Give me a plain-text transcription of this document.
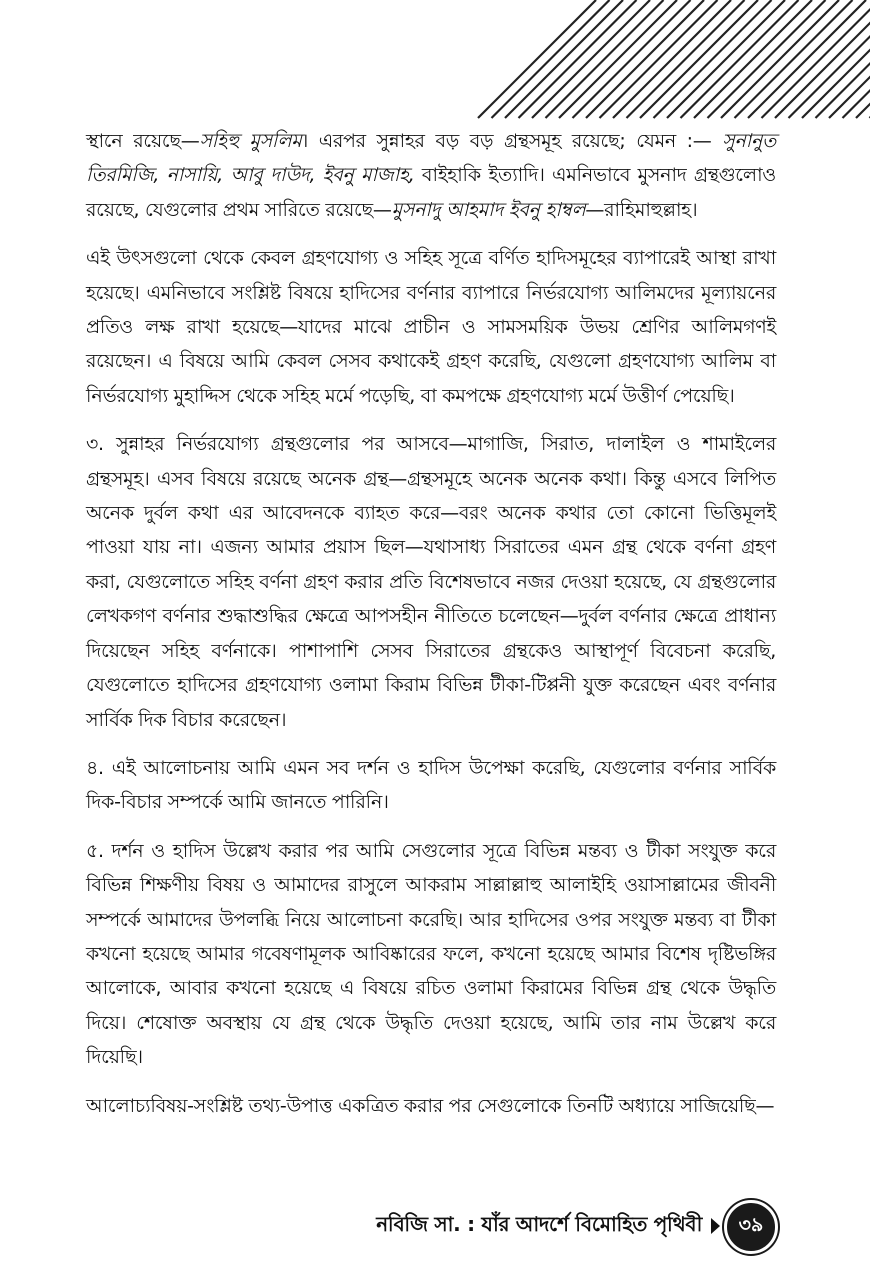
স্থানে রয়েছে—সহিহু মুসলিম। এরপর সুন্নাহর বড় বড় গ্রন্থসমূহ রয়েছে; যেমন :— সুনানুত তিরমিজি, নাসায়ি, আবু দাউদ, ইবনু মাজাহ, বাইহাকি ইত্যাদি। এমনিভাবে মুসনাদ গ্রন্থগুলোও রয়েছে, যেগুলোর প্রথম সারিতে রয়েছে—মুসনাদু আহমাদ ইবনু হাম্বল—রাহিমাহুল্লাহ।

এই উৎসগুলো থেকে কেবল গ্রহণযোগ্য ও সহিহ সূত্রে বর্ণিত হাদিসমূহের ব্যাপারেই আস্থা রাখা হয়েছে। এমনিভাবে সংশ্লিষ্ট বিষয়ে হাদিসের বর্ণনার ব্যাপারে নির্ভরযোগ্য আলিমদের মূল্যায়নের প্রতিও লক্ষ রাখা হয়েছে—যাদের মাঝে প্রাচীন ও সামসময়িক উভয় শ্রেণির আলিমগণই রয়েছেন। এ বিষয়ে আমি কেবল সেসব কথাকেই গ্রহণ করেছি, যেগুলো গ্রহণযোগ্য আলিম বা নির্ভরযোগ্য মুহাদ্দিস থেকে সহিহ মর্মে পড়েছি, বা কমপক্ষে গ্রহণযোগ্য মর্মে উত্তীর্ণ পেয়েছি।

৩. সুন্নাহর নির্ভরযোগ্য গ্রন্থগুলোর পর আসবে—মাগাজি, সিরাত, দালাইল ও শামাইলের গ্রন্থসমূহ। এসব বিষয়ে রয়েছে অনেক গ্রন্থ—গ্রন্থসমূহে অনেক অনেক কথা। কিন্তু এসবে লিপিত অনেক দুর্বল কথা এর আবেদনকে ব্যাহত করে—বরং অনেক কথার তো কোনো ভিত্তিমূলই পাওয়া যায় না। এজন্য আমার প্রয়াস ছিল—যথাসাধ্য সিরাতের এমন গ্রন্থ থেকে বর্ণনা গ্রহণ করা, যেগুলোতে সহিহ বর্ণনা গ্রহণ করার প্রতি বিশেষভাবে নজর দেওয়া হয়েছে, যে গ্রন্থগুলোর লেখকগণ বর্ণনার শুদ্ধাশুদ্ধির ক্ষেত্রে আপসহীন নীতিতে চলেছেন—দুর্বল বর্ণনার ক্ষেত্রে প্রাধান্য দিয়েছেন সহিহ বর্ণনাকে। পাশাপাশি সেসব সিরাতের গ্রন্থকেও আস্থাপূর্ণ বিবেচনা করেছি, যেগুলোতে হাদিসের গ্রহণযোগ্য ওলামা কিরাম বিভিন্ন টীকা-টিপ্পনী যুক্ত করেছেন এবং বর্ণনার সার্বিক দিক বিচার করেছেন।

৪. এই আলোচনায় আমি এমন সব দর্শন ও হাদিস উপেক্ষা করেছি, যেগুলোর বর্ণনার সার্বিক দিক-বিচার সম্পর্কে আমি জানতে পারিনি।

৫. দর্শন ও হাদিস উল্লেখ করার পর আমি সেগুলোর সূত্রে বিভিন্ন মন্তব্য ও টীকা সংযুক্ত করে বিভিন্ন শিক্ষণীয় বিষয় ও আমাদের রাসুলে আকরাম সাল্লাল্লাহু আলাইহি ওয়াসাল্লামের জীবনী সম্পর্কে আমাদের উপলব্ধি নিয়ে আলোচনা করেছি। আর হাদিসের ওপর সংযুক্ত মন্তব্য বা টীকা কখনো হয়েছে আমার গবেষণামূলক আবিষ্কারের ফলে, কখনো হয়েছে আমার বিশেষ দৃষ্টিভঙ্গির আলোকে, আবার কখনো হয়েছে এ বিষয়ে রচিত ওলামা কিরামের বিভিন্ন গ্রন্থ থেকে উদ্ধৃতি দিয়ে। শেষোক্ত অবস্থায় যে গ্রন্থ থেকে উদ্ধৃতি দেওয়া হয়েছে, আমি তার নাম উল্লেখ করে দিয়েছি।

আলোচ্যবিষয়-সংশ্লিষ্ট তথ্য-উপাত্ত একত্রিত করার পর সেগুলোকে তিনটি অধ্যায়ে সাজিয়েছি—

নবিজি সা. : যাঁর আদর্শে বিমোহিত পৃথিবী	৩৯
